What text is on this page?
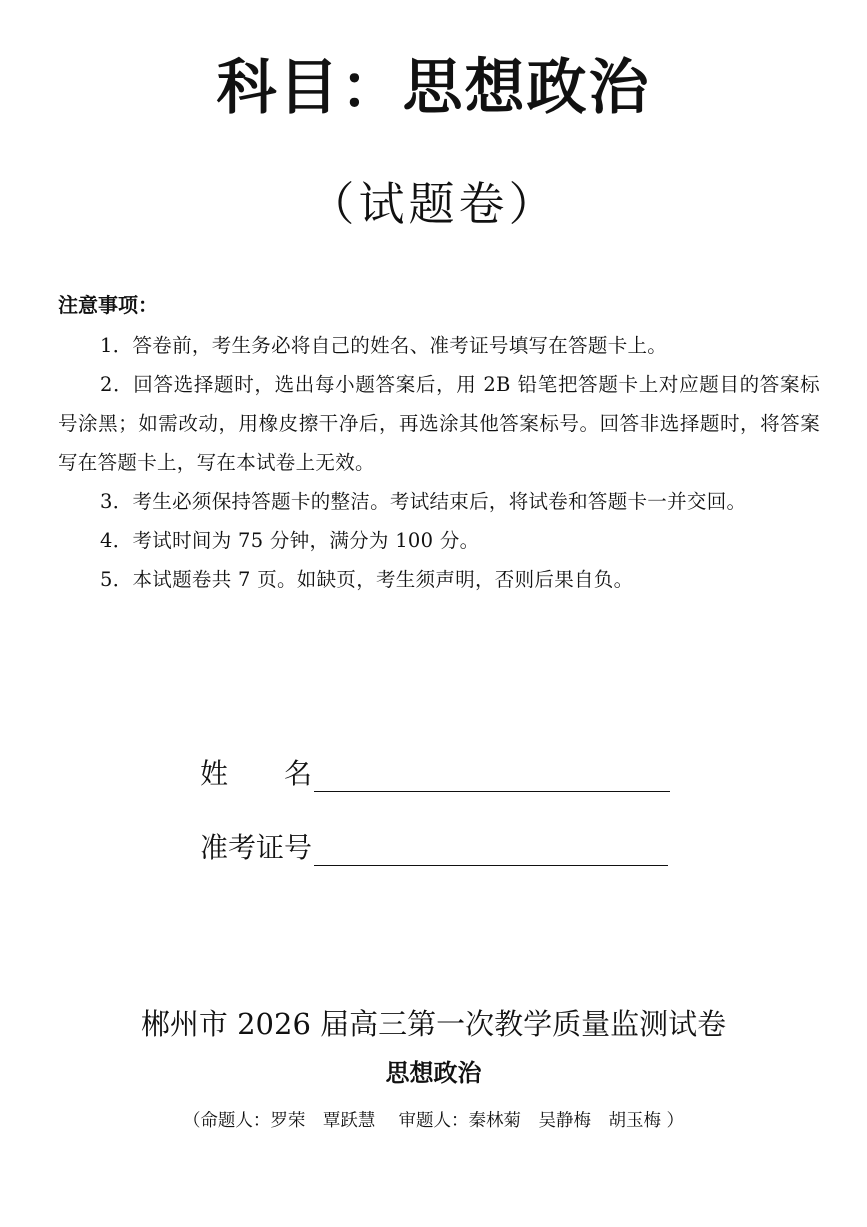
科目：思想政治
（试题卷）
注意事项：
1．答卷前，考生务必将自己的姓名、准考证号填写在答题卡上。
2．回答选择题时，选出每小题答案后，用 2B 铅笔把答题卡上对应题目的答案标号涂黑；如需改动，用橡皮擦干净后，再选涂其他答案标号。回答非选择题时，将答案写在答题卡上，写在本试卷上无效。
3．考生必须保持答题卡的整洁。考试结束后，将试卷和答题卡一并交回。
4．考试时间为 75 分钟，满分为 100 分。
5．本试题卷共 7 页。如缺页，考生须声明，否则后果自负。
姓　　名
准考证号
郴州市 2026 届高三第一次教学质量监测试卷
思想政治
（命题人：罗荣　覃跃慧　 审题人：秦林菊　吴静梅　胡玉梅 ）
